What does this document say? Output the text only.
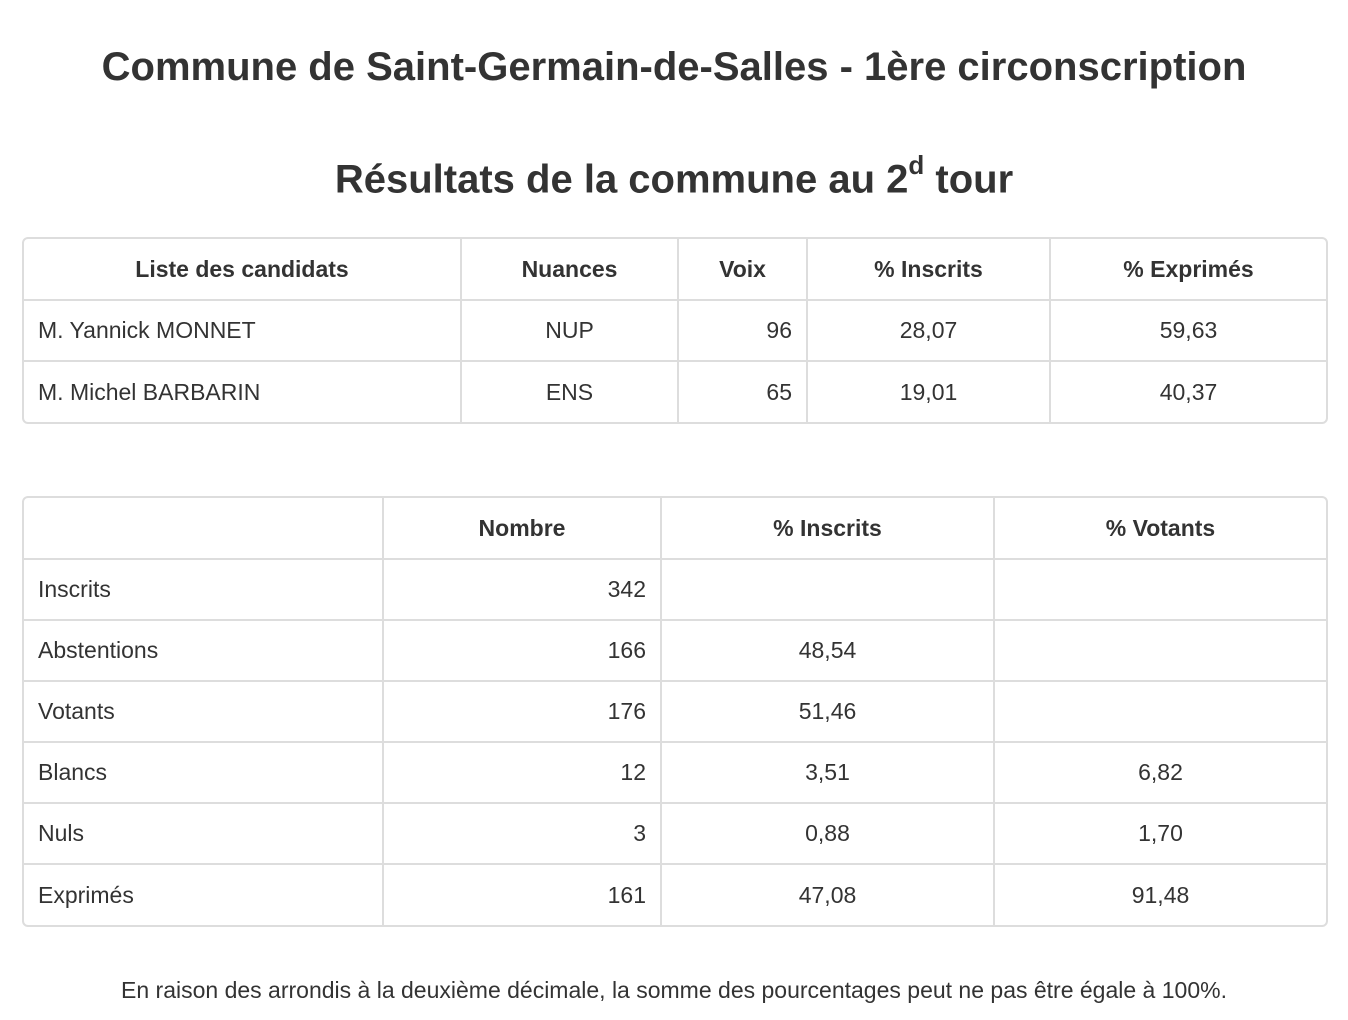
Commune de Saint-Germain-de-Salles - 1ère circonscription
Résultats de la commune au 2$^d$ tour
Liste des candidats	Nuances	Voix	% Inscrits	% Exprimés
M. Yannick MONNET	NUP	96	28,07	59,63
M. Michel BARBARIN	ENS	65	19,01	40,37
	Nombre	% Inscrits	% Votants
Inscrits	342		
Abstentions	166	48,54	
Votants	176	51,46	
Blancs	12	3,51	6,82
Nuls	3	0,88	1,70
Exprimés	161	47,08	91,48

En raison des arrondis à la deuxième décimale, la somme des pourcentages peut ne pas être égale à 100%.
